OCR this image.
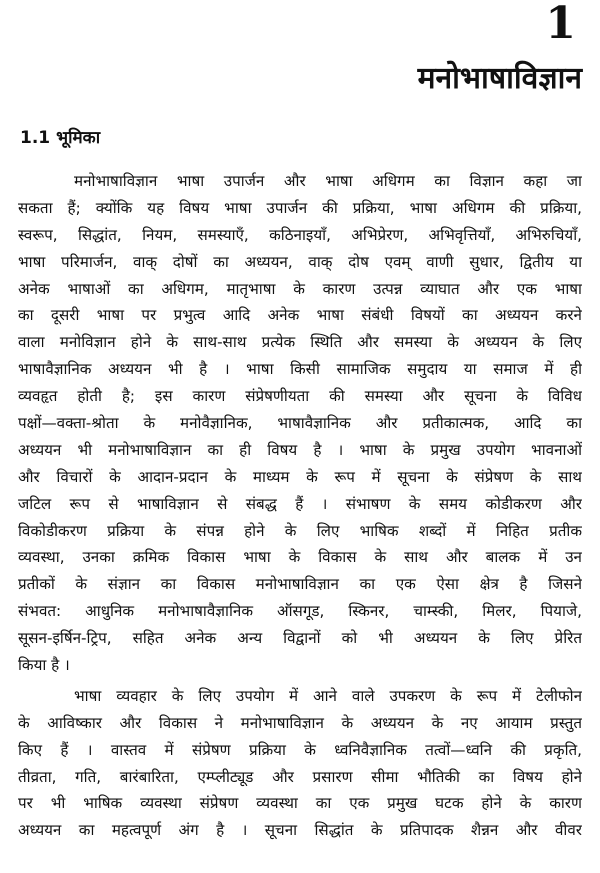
1
मनोभाषाविज्ञान
1.1 भूमिका
मनोभाषाविज्ञान भाषा उपार्जन और भाषा अधिगम का विज्ञान कहा जा
सकता हैं; क्योंकि यह विषय भाषा उपार्जन की प्रक्रिया, भाषा अधिगम की प्रक्रिया,
स्वरूप, सिद्धांत, नियम, समस्याएँ, कठिनाइयाँ, अभिप्रेरण, अभिवृत्तियाँ, अभिरुचियाँ,
भाषा परिमार्जन, वाक् दोषों का अध्ययन, वाक् दोष एवम् वाणी सुधार, द्वितीय या
अनेक भाषाओं का अधिगम, मातृभाषा के कारण उत्पन्न व्याघात और एक भाषा
का दूसरी भाषा पर प्रभुत्व आदि अनेक भाषा संबंधी विषयों का अध्ययन करने
वाला मनोविज्ञान होने के साथ-साथ प्रत्येक स्थिति और समस्या के अध्ययन के लिए
भाषावैज्ञानिक अध्ययन भी है । भाषा किसी सामाजिक समुदाय या समाज में ही
व्यवहृत होती है; इस कारण संप्रेषणीयता की समस्या और सूचना के विविध
पक्षों—वक्ता-श्रोता के मनोवैज्ञानिक, भाषावैज्ञानिक और प्रतीकात्मक, आदि का
अध्ययन भी मनोभाषाविज्ञान का ही विषय है । भाषा के प्रमुख उपयोग भावनाओं
और विचारों के आदान-प्रदान के माध्यम के रूप में सूचना के संप्रेषण के साथ
जटिल रूप से भाषाविज्ञान से संबद्ध हैं । संभाषण के समय कोडीकरण और
विकोडीकरण प्रक्रिया के संपन्न होने के लिए भाषिक शब्दों में निहित प्रतीक
व्यवस्था, उनका क्रमिक विकास भाषा के विकास के साथ और बालक में उन
प्रतीकों के संज्ञान का विकास मनोभाषाविज्ञान का एक ऐसा क्षेत्र है जिसने
संभवत: आधुनिक मनोभाषावैज्ञानिक ऑसगूड, स्किनर, चाम्स्की, मिलर, पियाजे,
सूसन-इर्षिन-ट्रिप, सहित अनेक अन्य विद्वानों को भी अध्ययन के लिए प्रेरित
किया है ।
भाषा व्यवहार के लिए उपयोग में आने वाले उपकरण के रूप में टेलीफोन
के आविष्कार और विकास ने मनोभाषाविज्ञान के अध्ययन के नए आयाम प्रस्तुत
किए हैं । वास्तव में संप्रेषण प्रक्रिया के ध्वनिवैज्ञानिक तत्वों—ध्वनि की प्रकृति,
तीव्रता, गति, बारंबारिता, एम्प्लीट्यूड और प्रसारण सीमा भौतिकी का विषय होने
पर भी भाषिक व्यवस्था संप्रेषण व्यवस्था का एक प्रमुख घटक होने के कारण
अध्ययन का महत्वपूर्ण अंग है । सूचना सिद्धांत के प्रतिपादक शैन्नन और वीवर
